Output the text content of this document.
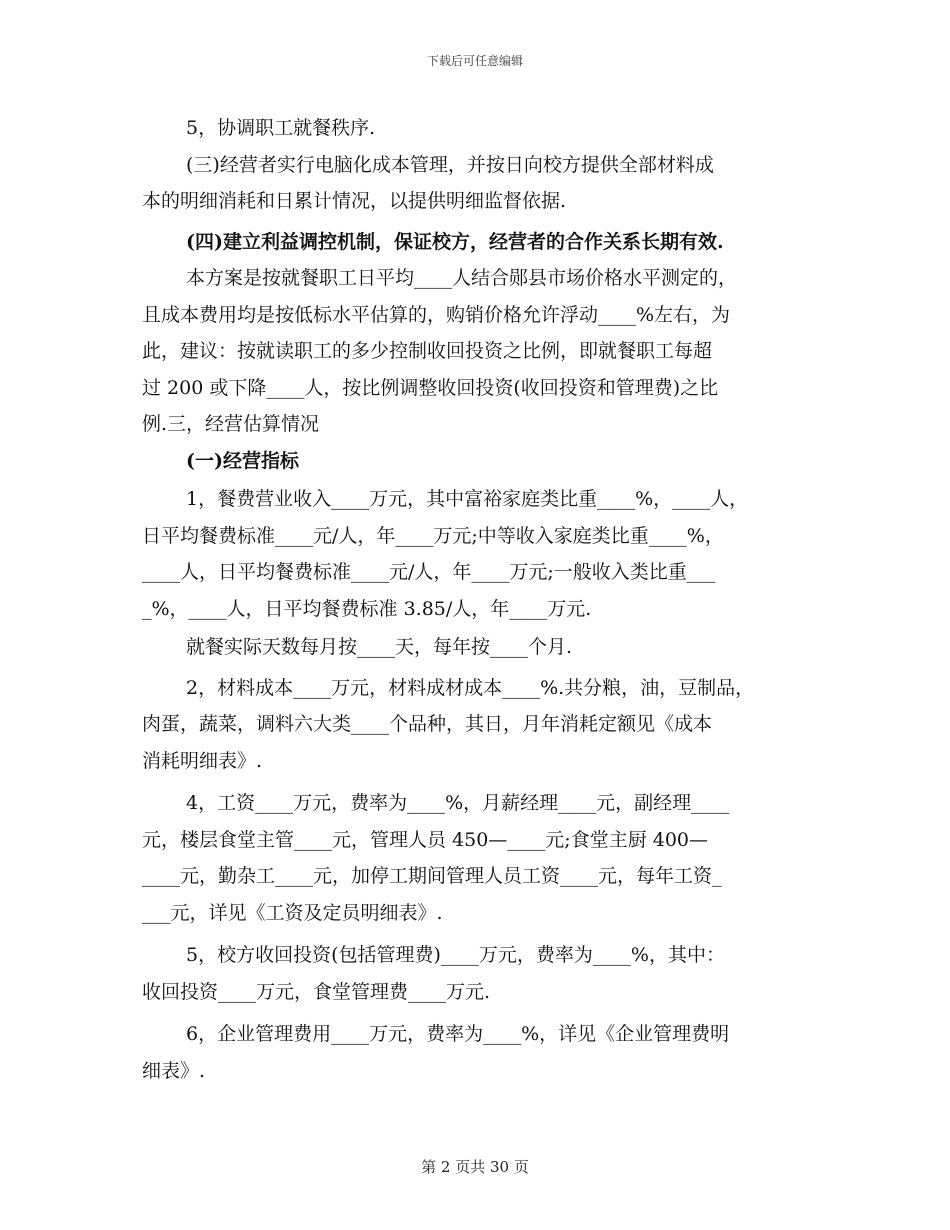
下载后可任意编辑

5，协调职工就餐秩序.

(三)经营者实行电脑化成本管理，并按日向校方提供全部材料成

本的明细消耗和日累计情况，以提供明细监督依据.

(四)建立利益调控机制，保证校方，经营者的合作关系长期有效.

本方案是按就餐职工日平均____人结合郧县市场价格水平测定的，

且成本费用均是按低标水平估算的，购销价格允许浮动____%左右，为

此，建议：按就读职工的多少控制收回投资之比例，即就餐职工每超

过 200 或下降____人，按比例调整收回投资(收回投资和管理费)之比

例.三，经营估算情况

(一)经营指标

1，餐费营业收入____万元，其中富裕家庭类比重____%，____人，

日平均餐费标准____元/人，年____万元;中等收入家庭类比重____%，

____人，日平均餐费标准____元/人，年____万元;一般收入类比重___

_%，____人，日平均餐费标准 3.85/人，年____万元.

就餐实际天数每月按____天，每年按____个月.

2，材料成本____万元，材料成材成本____%.共分粮，油，豆制品，

肉蛋，蔬菜，调料六大类____个品种，其日，月年消耗定额见《成本

消耗明细表》.

4，工资____万元，费率为____%，月薪经理____元，副经理____

元，楼层食堂主管____元，管理人员 450—____元;食堂主厨 400—

____元，勤杂工____元，加停工期间管理人员工资____元，每年工资_

___元，详见《工资及定员明细表》.

5，校方收回投资(包括管理费)____万元，费率为____%，其中：

收回投资____万元，食堂管理费____万元.

6，企业管理费用____万元，费率为____%，详见《企业管理费明

细表》.

第 2 页共 30 页
